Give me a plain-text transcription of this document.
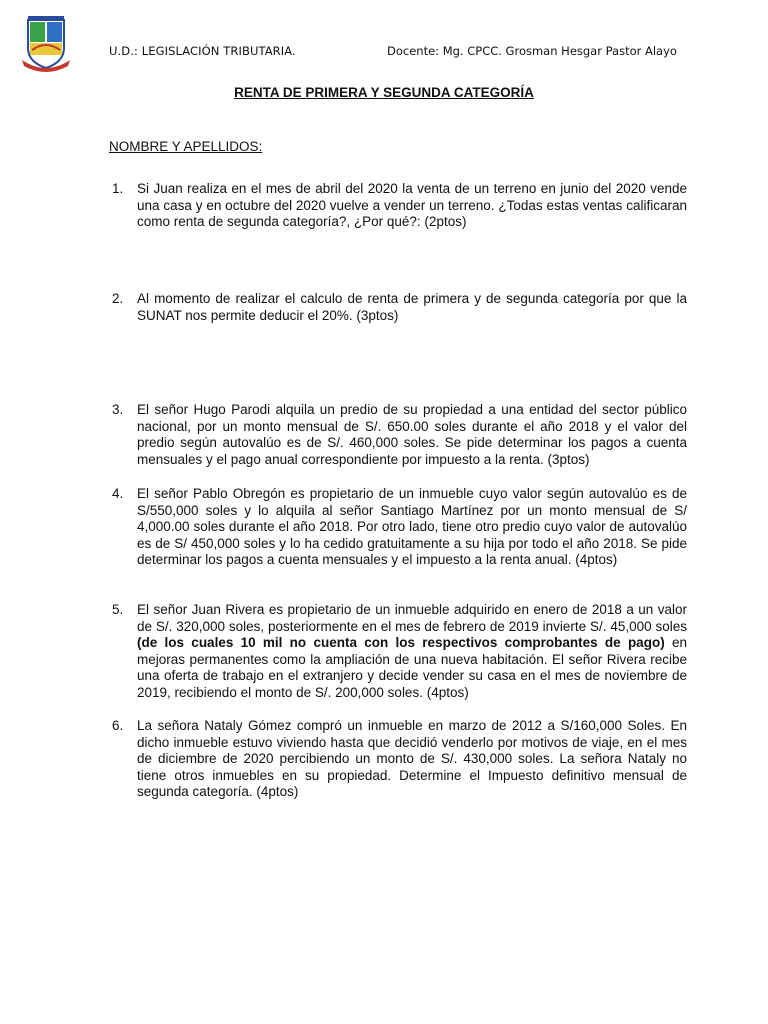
U.D.: LEGISLACIÓN TRIBUTARIA.	Docente: Mg. CPCC. Grosman Hesgar Pastor Alayo
RENTA DE PRIMERA Y SEGUNDA CATEGORÍA
NOMBRE Y APELLIDOS:
1. Si Juan realiza en el mes de abril del 2020 la venta de un terreno en junio del 2020 vende una casa y en octubre del 2020 vuelve a vender un terreno. ¿Todas estas ventas calificaran como renta de segunda categoría?, ¿Por qué?: (2ptos)
2. Al momento de realizar el calculo de renta de primera y de segunda categoría por que la SUNAT nos permite deducir el 20%. (3ptos)
3. El señor Hugo Parodi alquila un predio de su propiedad a una entidad del sector público nacional, por un monto mensual de S/. 650.00 soles durante el año 2018 y el valor del predio según autovalúo es de S/. 460,000 soles. Se pide determinar los pagos a cuenta mensuales y el pago anual correspondiente por impuesto a la renta. (3ptos)
4. El señor Pablo Obregón es propietario de un inmueble cuyo valor según autovalúo es de S/550,000 soles y lo alquila al señor Santiago Martínez por un monto mensual de S/ 4,000.00 soles durante el año 2018. Por otro lado, tiene otro predio cuyo valor de autovalúo es de S/ 450,000 soles y lo ha cedido gratuitamente a su hija por todo el año 2018. Se pide determinar los pagos a cuenta mensuales y el impuesto a la renta anual. (4ptos)
5. El señor Juan Rivera es propietario de un inmueble adquirido en enero de 2018 a un valor de S/. 320,000 soles, posteriormente en el mes de febrero de 2019 invierte S/. 45,000 soles (de los cuales 10 mil no cuenta con los respectivos comprobantes de pago) en mejoras permanentes como la ampliación de una nueva habitación. El señor Rivera recibe una oferta de trabajo en el extranjero y decide vender su casa en el mes de noviembre de 2019, recibiendo el monto de S/. 200,000 soles. (4ptos)
6. La señora Nataly Gómez compró un inmueble en marzo de 2012 a S/160,000 Soles. En dicho inmueble estuvo viviendo hasta que decidió venderlo por motivos de viaje, en el mes de diciembre de 2020 percibiendo un monto de S/. 430,000 soles. La señora Nataly no tiene otros inmuebles en su propiedad. Determine el Impuesto definitivo mensual de segunda categoría. (4ptos)
